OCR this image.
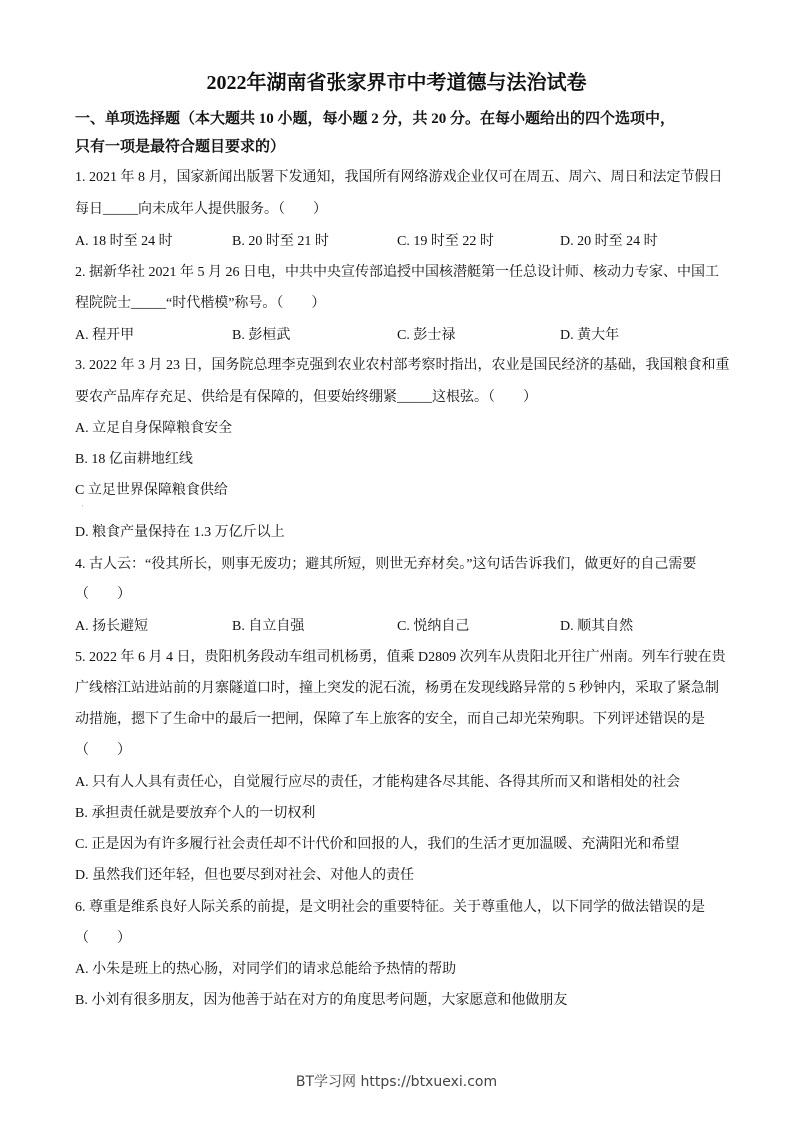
2022年湖南省张家界市中考道德与法治试卷
一、单项选择题（本大题共 10 小题，每小题 2 分，共 20 分。在每小题给出的四个选项中，
只有一项是最符合题目要求的）
1. 2021 年 8 月，国家新闻出版署下发通知，我国所有网络游戏企业仅可在周五、周六、周日和法定节假日
每日_____向未成年人提供服务。（　　）
A. 18 时至 24 时	B. 20 时至 21 时	C. 19 时至 22 时	D. 20 时至 24 时
2. 据新华社 2021 年 5 月 26 日电，中共中央宣传部追授中国核潜艇第一任总设计师、核动力专家、中国工
程院院士_____“时代楷模”称号。（　　）
A. 程开甲	B. 彭桓武	C. 彭士禄	D. 黄大年
3. 2022 年 3 月 23 日，国务院总理李克强到农业农村部考察时指出，农业是国民经济的基础，我国粮食和重
要农产品库存充足、供给是有保障的，但要始终绷紧_____这根弦。（　　）
A. 立足自身保障粮食安全
B. 18 亿亩耕地红线
C 立足世界保障粮食供给
'
D. 粮食产量保持在 1.3 万亿斤以上
4. 古人云：“役其所长，则事无废功；避其所短，则世无弃材矣。”这句话告诉我们，做更好的自己需要
（　　）
A. 扬长避短	B. 自立自强	C. 悦纳自己	D. 顺其自然
5. 2022 年 6 月 4 日，贵阳机务段动车组司机杨勇，值乘 D2809 次列车从贵阳北开往广州南。列车行驶在贵
广线榕江站进站前的月寨隧道口时，撞上突发的泥石流，杨勇在发现线路异常的 5 秒钟内，采取了紧急制
动措施，摁下了生命中的最后一把闸，保障了车上旅客的安全，而自己却光荣殉职。下列评述错误的是
（　　）
A. 只有人人具有责任心，自觉履行应尽的责任，才能构建各尽其能、各得其所而又和谐相处的社会
B. 承担责任就是要放弃个人的一切权利
C. 正是因为有许多履行社会责任却不计代价和回报的人，我们的生活才更加温暖、充满阳光和希望
D. 虽然我们还年轻，但也要尽到对社会、对他人的责任
6. 尊重是维系良好人际关系的前提，是文明社会的重要特征。关于尊重他人，以下同学的做法错误的是
（　　）
A. 小朱是班上的热心肠，对同学们的请求总能给予热情的帮助
B. 小刘有很多朋友，因为他善于站在对方的角度思考问题，大家愿意和他做朋友
BT学习网 https://btxuexi.com
